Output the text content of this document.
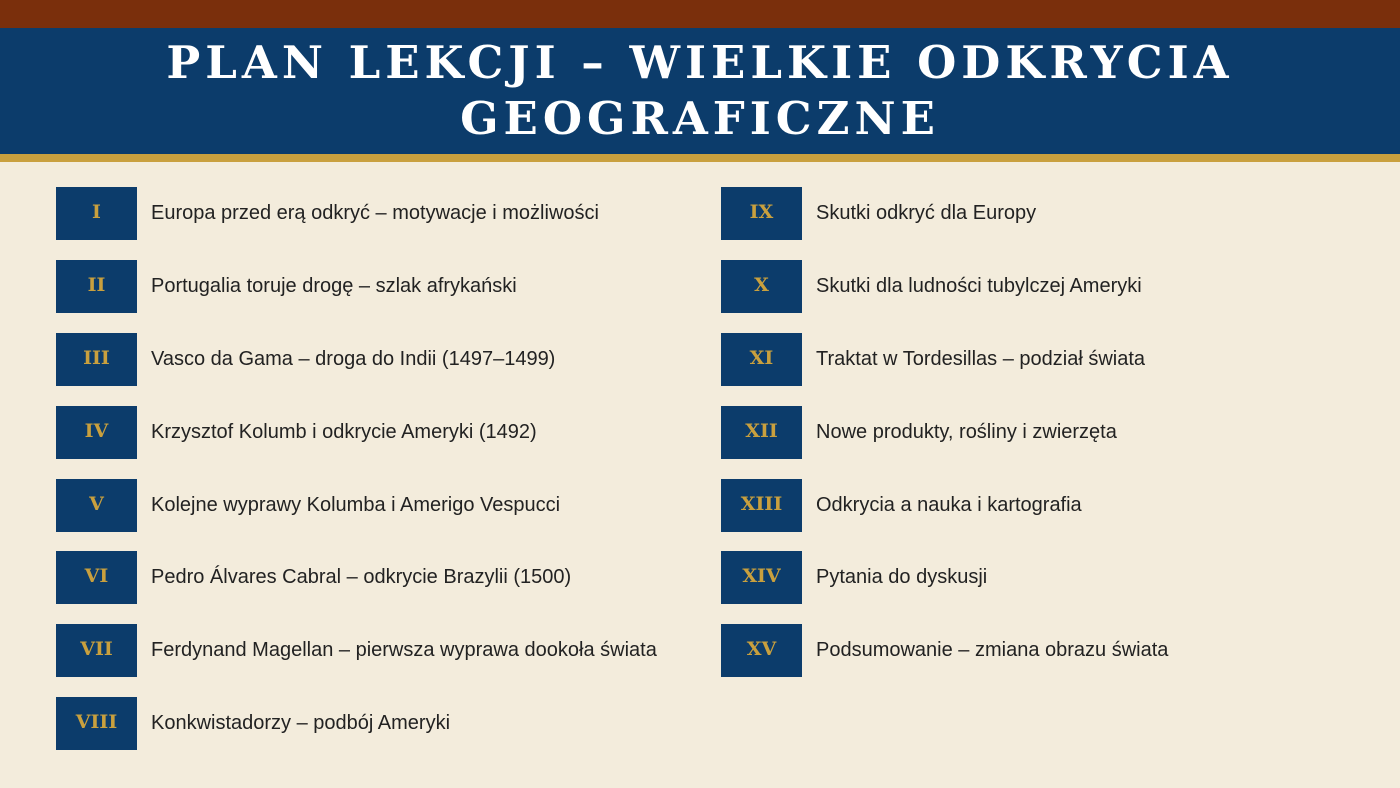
PLAN LEKCJI – WIELKIE ODKRYCIA
GEOGRAFICZNE
I	Europa przed erą odkryć – motywacje i możliwości
II	Portugalia toruje drogę – szlak afrykański
III	Vasco da Gama – droga do Indii (1497–1499)
IV	Krzysztof Kolumb i odkrycie Ameryki (1492)
V	Kolejne wyprawy Kolumba i Amerigo Vespucci
VI	Pedro Álvares Cabral – odkrycie Brazylii (1500)
VII	Ferdynand Magellan – pierwsza wyprawa dookoła świata
VIII	Konkwistadorzy – podbój Ameryki
IX	Skutki odkryć dla Europy
X	Skutki dla ludności tubylczej Ameryki
XI	Traktat w Tordesillas – podział świata
XII	Nowe produkty, rośliny i zwierzęta
XIII	Odkrycia a nauka i kartografia
XIV	Pytania do dyskusji
XV	Podsumowanie – zmiana obrazu świata
